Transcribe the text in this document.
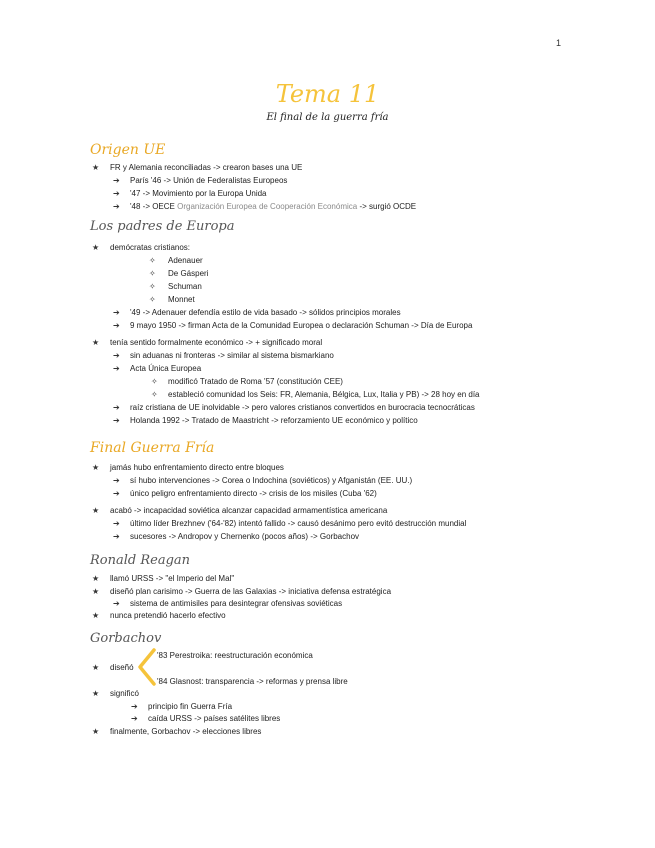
1
Tema 11
El final de la guerra fría
Origen UE
★ FR y Alemania reconciliadas -> crearon bases una UE
➔ París '46 -> Unión de Federalistas Europeos
➔ '47 -> Movimiento por la Europa Unida
➔ '48 -> OECE Organización Europea de Cooperación Económica -> surgió OCDE
Los padres de Europa
★ demócratas cristianos:
✧ Adenauer
✧ De Gásperi
✧ Schuman
✧ Monnet
➔ '49 -> Adenauer defendía estilo de vida basado -> sólidos principios morales
➔ 9 mayo 1950 -> firman Acta de la Comunidad Europea o declaración Schuman -> Día de Europa
★ tenía sentido formalmente económico -> + significado moral
➔ sin aduanas ni fronteras -> similar al sistema bismarkiano
➔ Acta Única Europea
✧ modificó Tratado de Roma '57 (constitución CEE)
✧ estableció comunidad los Seis: FR, Alemania, Bélgica, Lux, Italia y PB) -> 28 hoy en día
➔ raíz cristiana de UE inolvidable -> pero valores cristianos convertidos en burocracia tecnocráticas
➔ Holanda 1992 -> Tratado de Maastricht -> reforzamiento UE económico y político
Final Guerra Fría
★ jamás hubo enfrentamiento directo entre bloques
➔ sí hubo intervenciones -> Corea o Indochina (soviéticos) y Afganistán (EE. UU.)
➔ único peligro enfrentamiento directo -> crisis de los misiles (Cuba '62)
★ acabó -> incapacidad soviética alcanzar capacidad armamentística americana
➔ último líder Brezhnev ('64-'82) intentó fallido -> causó desánimo pero evitó destrucción mundial
➔ sucesores -> Andropov y Chernenko (pocos años) -> Gorbachov
Ronald Reagan
★ llamó URSS -> "el Imperio del Mal"
★ diseñó plan carisimo -> Guerra de las Galaxias -> iniciativa defensa estratégica
➔ sistema de antimisiles para desintegrar ofensivas soviéticas
★ nunca pretendió hacerlo efectivo
Gorbachov
★ diseñó
'83 Perestroika: reestructuración económica
'84 Glasnost: transparencia -> reformas y prensa libre
★ significó
➔ principio fin Guerra Fría
➔ caída URSS -> países satélites libres
★ finalmente, Gorbachov -> elecciones libres
